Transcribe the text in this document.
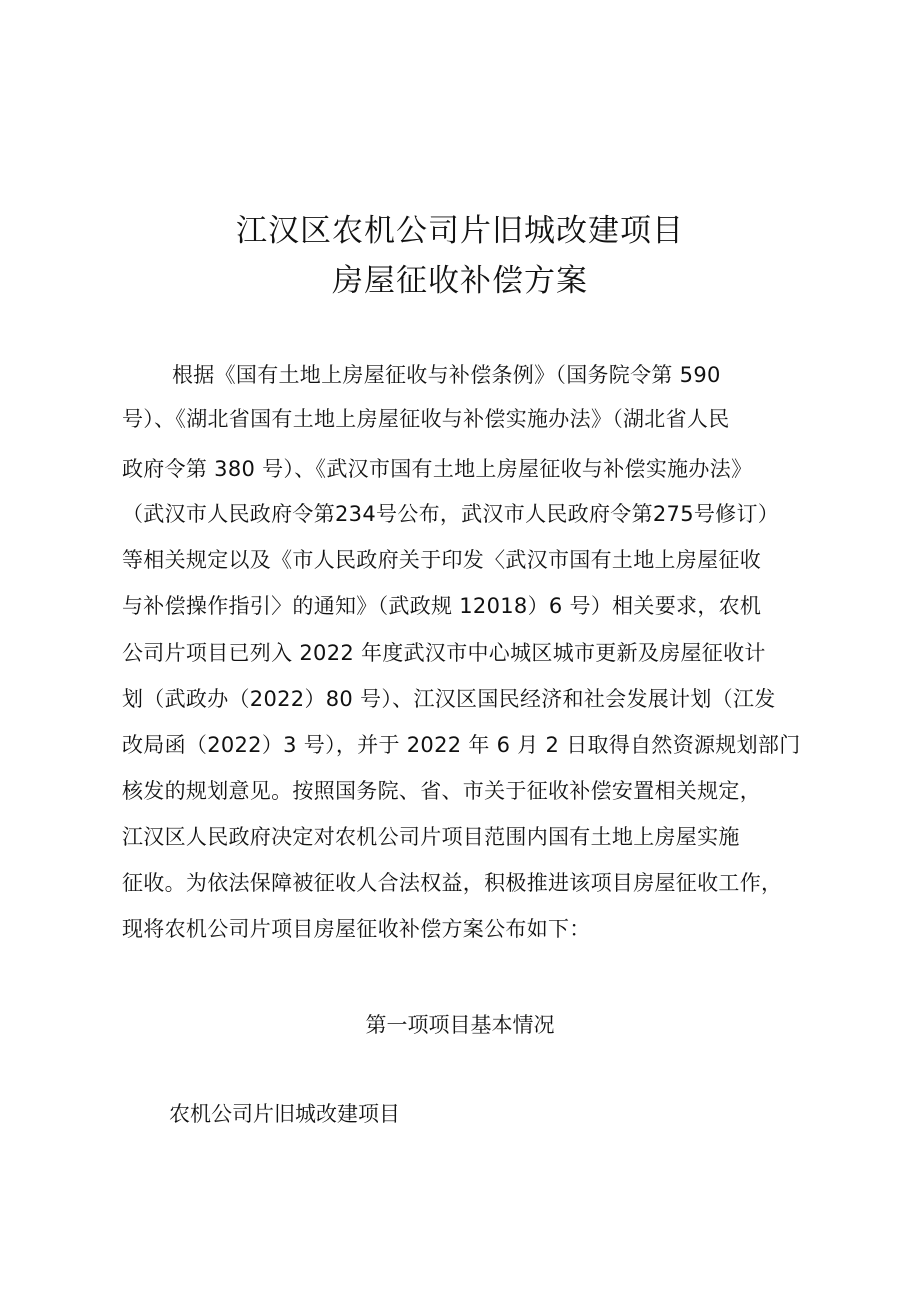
江汉区农机公司片旧城改建项目
房屋征收补偿方案
根据《国有土地上房屋征收与补偿条例》（国务院令第 590
号）、《湖北省国有土地上房屋征收与补偿实施办法》（湖北省人民
政府令第 380 号）、《武汉市国有土地上房屋征收与补偿实施办法》
（武汉市人民政府令第234号公布，武汉市人民政府令第275号修订）
等相关规定以及《市人民政府关于印发〈武汉市国有土地上房屋征收
与补偿操作指引〉的通知》（武政规 12018）6 号）相关要求，农机
公司片项目已列入 2022 年度武汉市中心城区城市更新及房屋征收计
划（武政办（2022）80 号）、江汉区国民经济和社会发展计划（江发
改局函（2022）3 号），并于 2022 年 6 月 2 日取得自然资源规划部门
核发的规划意见。按照国务院、省、市关于征收补偿安置相关规定，
江汉区人民政府决定对农机公司片项目范围内国有土地上房屋实施
征收。为依法保障被征收人合法权益，积极推进该项目房屋征收工作，
现将农机公司片项目房屋征收补偿方案公布如下：
第一项项目基本情况
农机公司片旧城改建项目
